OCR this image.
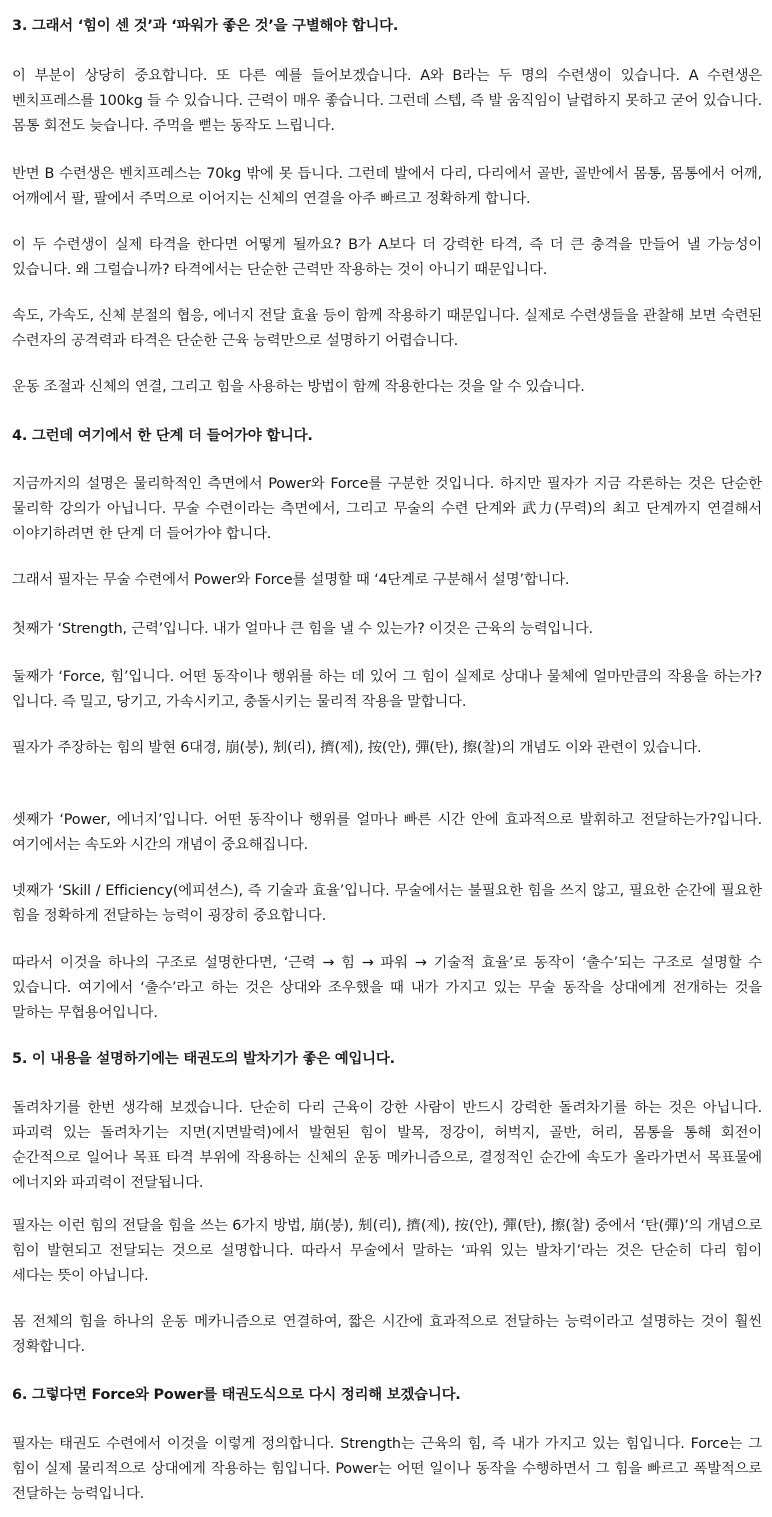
3. 그래서 ‘힘이 센 것’과 ‘파워가 좋은 것’을 구별해야 합니다.

이 부분이 상당히 중요합니다. 또 다른 예를 들어보겠습니다. A와 B라는 두 명의 수련생이 있습니다. A 수련생은 벤치프레스를 100kg 들 수 있습니다. 근력이 매우 좋습니다. 그런데 스텝, 즉 발 움직임이 날렵하지 못하고 굳어 있습니다. 몸통 회전도 늦습니다. 주먹을 뻗는 동작도 느립니다.

반면 B 수련생은 벤치프레스는 70kg 밖에 못 듭니다. 그런데 발에서 다리, 다리에서 골반, 골반에서 몸통, 몸통에서 어깨, 어깨에서 팔, 팔에서 주먹으로 이어지는 신체의 연결을 아주 빠르고 정확하게 합니다.

이 두 수련생이 실제 타격을 한다면 어떻게 될까요? B가 A보다 더 강력한 타격, 즉 더 큰 충격을 만들어 낼 가능성이 있습니다. 왜 그럴습니까? 타격에서는 단순한 근력만 작용하는 것이 아니기 때문입니다.

속도, 가속도, 신체 분절의 협응, 에너지 전달 효율 등이 함께 작용하기 때문입니다. 실제로 수련생들을 관찰해 보면 숙련된 수련자의 공격력과 타격은 단순한 근육 능력만으로 설명하기 어렵습니다.

운동 조절과 신체의 연결, 그리고 힘을 사용하는 방법이 함께 작용한다는 것을 알 수 있습니다.

4. 그런데 여기에서 한 단계 더 들어가야 합니다.

지금까지의 설명은 물리학적인 측면에서 Power와 Force를 구분한 것입니다. 하지만 필자가 지금 각론하는 것은 단순한 물리학 강의가 아닙니다. 무술 수련이라는 측면에서, 그리고 무술의 수련 단계와 武力(무력)의 최고 단계까지 연결해서 이야기하려면 한 단계 더 들어가야 합니다.

그래서 필자는 무술 수련에서 Power와 Force를 설명할 때 ‘4단계로 구분해서 설명’합니다.

첫째가 ‘Strength, 근력’입니다. 내가 얼마나 큰 힘을 낼 수 있는가? 이것은 근육의 능력입니다.

둘째가 ‘Force, 힘’입니다. 어떤 동작이나 행위를 하는 데 있어 그 힘이 실제로 상대나 물체에 얼마만큼의 작용을 하는가?입니다. 즉 밀고, 당기고, 가속시키고, 충돌시키는 물리적 작용을 말합니다.

필자가 주장하는 힘의 발현 6대경, 崩(붕), 𠜎(리), 擠(제), 按(안), 彈(탄), 擦(찰)의 개념도 이와 관련이 있습니다.

셋째가 ‘Power, 에너지’입니다. 어떤 동작이나 행위를 얼마나 빠른 시간 안에 효과적으로 발휘하고 전달하는가?입니다. 여기에서는 속도와 시간의 개념이 중요해집니다.

넷째가 ‘Skill / Efficiency(에피션스), 즉 기술과 효율’입니다. 무술에서는 불필요한 힘을 쓰지 않고, 필요한 순간에 필요한 힘을 정확하게 전달하는 능력이 굉장히 중요합니다.

따라서 이것을 하나의 구조로 설명한다면, ‘근력 → 힘 → 파워 → 기술적 효율’로 동작이 ‘출수’되는 구조로 설명할 수 있습니다. 여기에서 ‘출수’라고 하는 것은 상대와 조우했을 때 내가 가지고 있는 무술 동작을 상대에게 전개하는 것을 말하는 무협용어입니다.

5. 이 내용을 설명하기에는 태권도의 발차기가 좋은 예입니다.

돌려차기를 한번 생각해 보겠습니다. 단순히 다리 근육이 강한 사람이 반드시 강력한 돌려차기를 하는 것은 아닙니다. 파괴력 있는 돌려차기는 지면(지면발력)에서 발현된 힘이 발목, 정강이, 허벅지, 골반, 허리, 몸통을 통해 회전이 순간적으로 일어나 목표 타격 부위에 작용하는 신체의 운동 메카니즘으로, 결정적인 순간에 속도가 올라가면서 목표물에 에너지와 파괴력이 전달됩니다.

필자는 이런 힘의 전달을 힘을 쓰는 6가지 방법, 崩(붕), 𠜎(리), 擠(제), 按(안), 彈(탄), 擦(찰) 중에서 ‘탄(彈)’의 개념으로 힘이 발현되고 전달되는 것으로 설명합니다. 따라서 무술에서 말하는 ‘파워 있는 발차기’라는 것은 단순히 다리 힘이 세다는 뜻이 아닙니다.

몸 전체의 힘을 하나의 운동 메카니즘으로 연결하여, 짧은 시간에 효과적으로 전달하는 능력이라고 설명하는 것이 훨씬 정확합니다.

6. 그렇다면 Force와 Power를 태권도식으로 다시 정리해 보겠습니다.

필자는 태권도 수련에서 이것을 이렇게 정의합니다. Strength는 근육의 힘, 즉 내가 가지고 있는 힘입니다. Force는 그 힘이 실제 물리적으로 상대에게 작용하는 힘입니다. Power는 어떤 일이나 동작을 수행하면서 그 힘을 빠르고 폭발적으로 전달하는 능력입니다.
